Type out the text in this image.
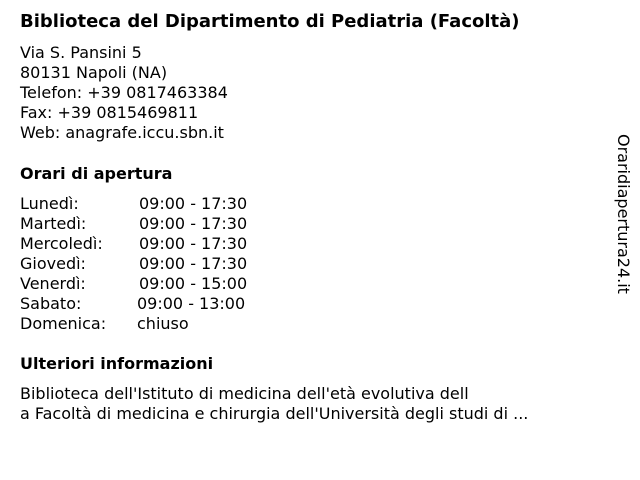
Biblioteca del Dipartimento di Pediatria (Facoltà)
Via S. Pansini 5
80131 Napoli (NA)
Telefon: +39 0817463384
Fax: +39 0815469811
Web: anagrafe.iccu.sbn.it
Orari di apertura
Lunedì:	09:00 - 17:30
Martedì:	09:00 - 17:30
Mercoledì: 09:00 - 17:30
Giovedì:	09:00 - 17:30
Venerdì:	09:00 - 15:00
Sabato:	09:00 - 13:00
Domenica: chiuso
Ulteriori informazioni
Biblioteca dell'Istituto di medicina dell'età evolutiva dell
a Facoltà di medicina e chirurgia dell'Università degli studi di ...
Oraridiapertura24.it
